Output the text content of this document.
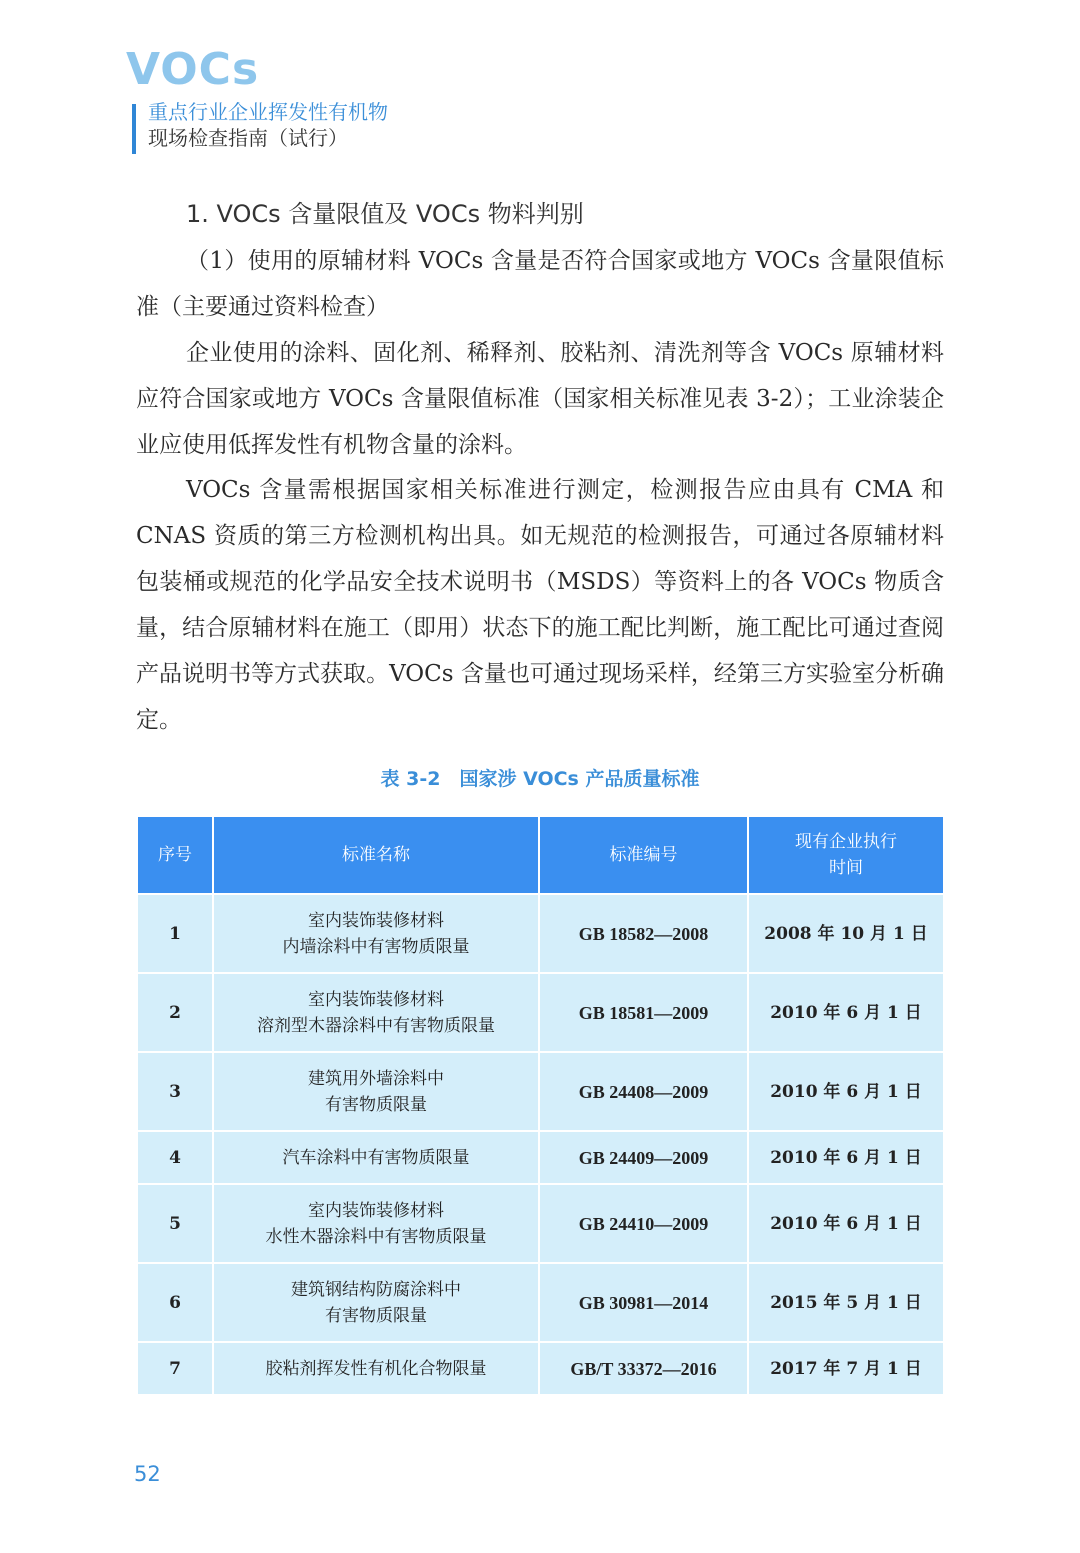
VOCs
重点行业企业挥发性有机物
现场检查指南（试行）
1. VOCs 含量限值及 VOCs 物料判别

（1）使用的原辅材料 VOCs 含量是否符合国家或地方 VOCs 含量限值标准（主要通过资料检查）

企业使用的涂料、固化剂、稀释剂、胶粘剂、清洗剂等含 VOCs 原辅材料应符合国家或地方 VOCs 含量限值标准（国家相关标准见表 3-2）；工业涂装企业应使用低挥发性有机物含量的涂料。

VOCs 含量需根据国家相关标准进行测定，检测报告应由具有 CMA 和 CNAS 资质的第三方检测机构出具。如无规范的检测报告，可通过各原辅材料包装桶或规范的化学品安全技术说明书（MSDS）等资料上的各 VOCs 物质含量，结合原辅材料在施工（即用）状态下的施工配比判断，施工配比可通过查阅产品说明书等方式获取。VOCs 含量也可通过现场采样，经第三方实验室分析确定。

表 3-2　国家涉 VOCs 产品质量标准
序号	标准名称	标准编号	现有企业执行
时间
1	室内装饰装修材料
内墙涂料中有害物质限量	GB 18582—2008	2008 年 10 月 1 日
2	室内装饰装修材料
溶剂型木器涂料中有害物质限量	GB 18581—2009	2010 年 6 月 1 日
3	建筑用外墙涂料中
有害物质限量	GB 24408—2009	2010 年 6 月 1 日
4	汽车涂料中有害物质限量	GB 24409—2009	2010 年 6 月 1 日
5	室内装饰装修材料
水性木器涂料中有害物质限量	GB 24410—2009	2010 年 6 月 1 日
6	建筑钢结构防腐涂料中
有害物质限量	GB 30981—2014	2015 年 5 月 1 日
7	胶粘剂挥发性有机化合物限量	GB/T 33372—2016	2017 年 7 月 1 日
52
